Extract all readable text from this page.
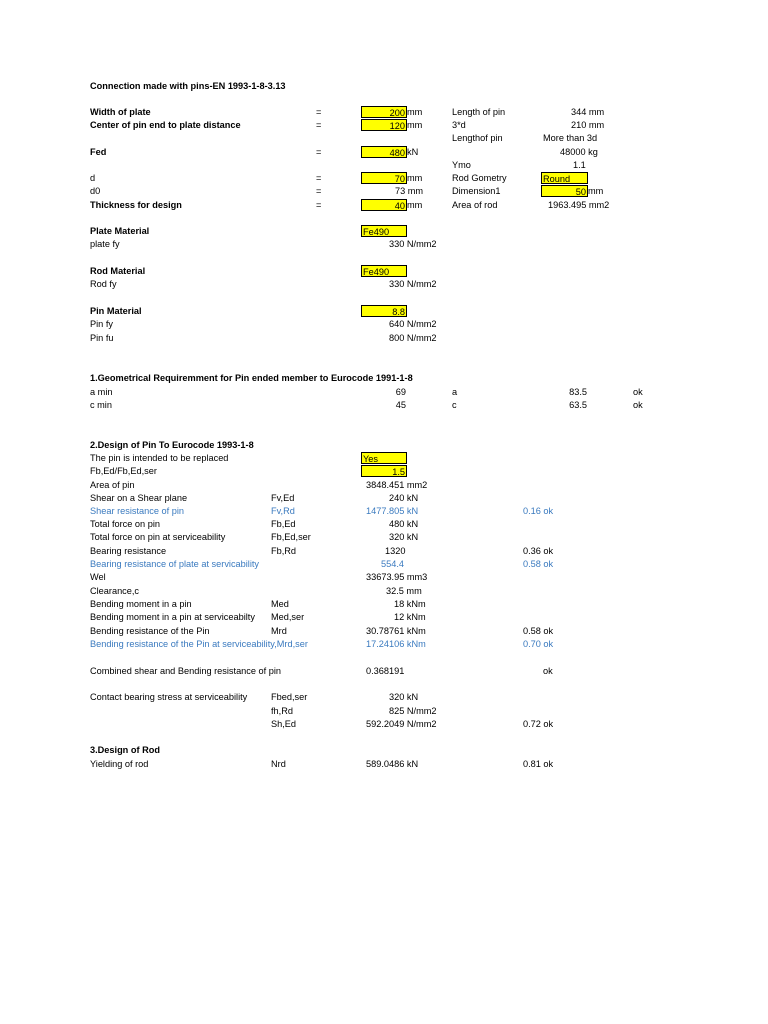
Connection made with pins-EN 1993-1-8-3.13
Width of plate	=	200 mm
Center of pin end to plate distance	=	120 mm
Fed	=	480 kN
d	=	70 mm
d0	=	73 mm
Thickness for design	=	40 mm
Length of pin	344 mm
3*d	210 mm
Lengthof pin	More than 3d
48000 kg
Ymo	1.1
Rod Gometry	Round
Dimension1	50 mm
Area of rod	1963.495 mm2
Plate Material	Fe490
plate fy	330 N/mm2
Rod Material	Fe490
Rod fy	330 N/mm2
Pin Material	8.8
Pin fy	640 N/mm2
Pin fu	800 N/mm2
1.Geometrical Requiremment for Pin ended member to Eurocode 1991-1-8
a min	69	a	83.5	ok
c min	45	c	63.5	ok
2.Design of Pin To Eurocode 1993-1-8
The pin is intended to be replaced	Yes
Fb,Ed/Fb,Ed,ser	1.5
Area of pin	3848.451 mm2
Shear on a Shear plane	Fv,Ed	240 kN
Shear resistance of pin	Fv,Rd	1477.805 kN	0.16 ok
Total force on pin	Fb,Ed	480 kN
Total force on pin at serviceability	Fb,Ed,ser	320 kN
Bearing resistance	Fb,Rd	1320	0.36 ok
Bearing resistance of plate at servicability	554.4	0.58 ok
Wel	33673.95 mm3
Clearance,c	32.5 mm
Bending moment in a pin	Med	18 kNm
Bending moment in a pin at serviceabilty Med,ser	12 kNm
Bending resistance of the Pin	Mrd	30.78761 kNm	0.58 ok
Bending resistance of the Pin at serviceability,Mrd,ser	17.24106 kNm	0.70 ok
Combined shear and Bending resistance of pin	0.368191	ok
Contact bearing stress at serviceability	Fbed,ser	320 kN
fh,Rd	825 N/mm2
Sh,Ed	592.2049 N/mm2	0.72 ok
3.Design of Rod
Yielding of rod	Nrd	589.0486 kN	0.81 ok
